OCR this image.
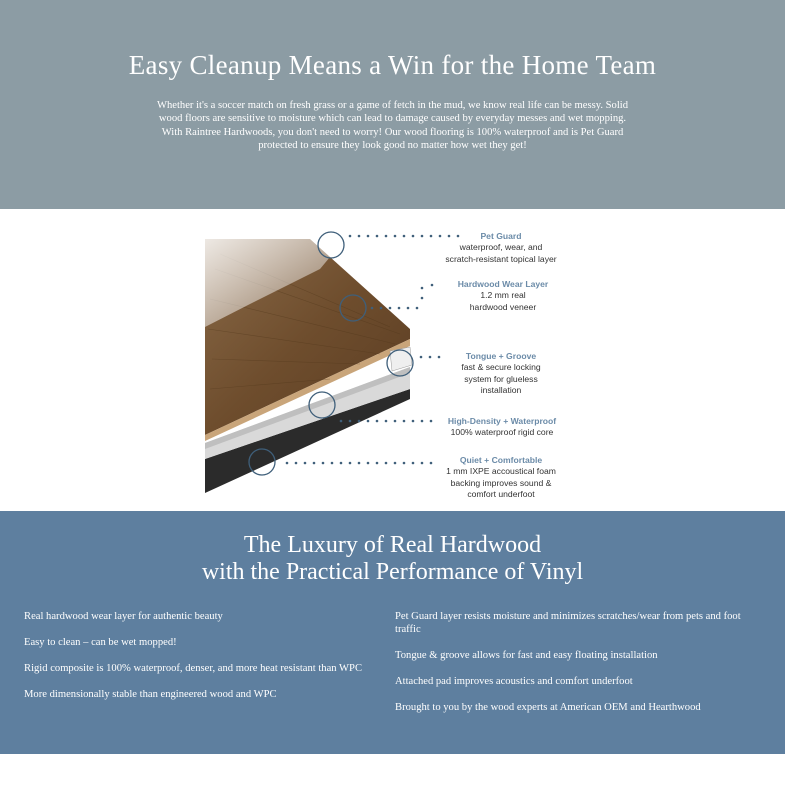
Easy Cleanup Means a Win for the Home Team

Whether it's a soccer match on fresh grass or a game of fetch in the mud, we know real life can be messy. Solid wood floors are sensitive to moisture which can lead to damage caused by everyday messes and wet mopping. With Raintree Hardwoods, you don't need to worry! Our wood flooring is 100% waterproof and is Pet Guard protected to ensure they look good no matter how wet they get!

Pet Guard
waterproof, wear, and
scratch-resistant topical layer
Hardwood Wear Layer
1.2 mm real
hardwood veneer
Tongue + Groove
fast & secure locking
system for glueless
installation
High-Density + Waterproof
100% waterproof rigid core
Quiet + Comfortable
1 mm IXPE accoustical foam
backing improves sound &
comfort underfoot
The Luxury of Real Hardwood
with the Practical Performance of Vinyl
Real hardwood wear layer for authentic beauty
Easy to clean – can be wet mopped!
Rigid composite is 100% waterproof, denser, and more heat resistant than WPC
More dimensionally stable than engineered wood and WPC
Pet Guard layer resists moisture and minimizes scratches/wear from pets and foot traffic
Tongue & groove allows for fast and easy floating installation
Attached pad improves acoustics and comfort underfoot
Brought to you by the wood experts at American OEM and Hearthwood
